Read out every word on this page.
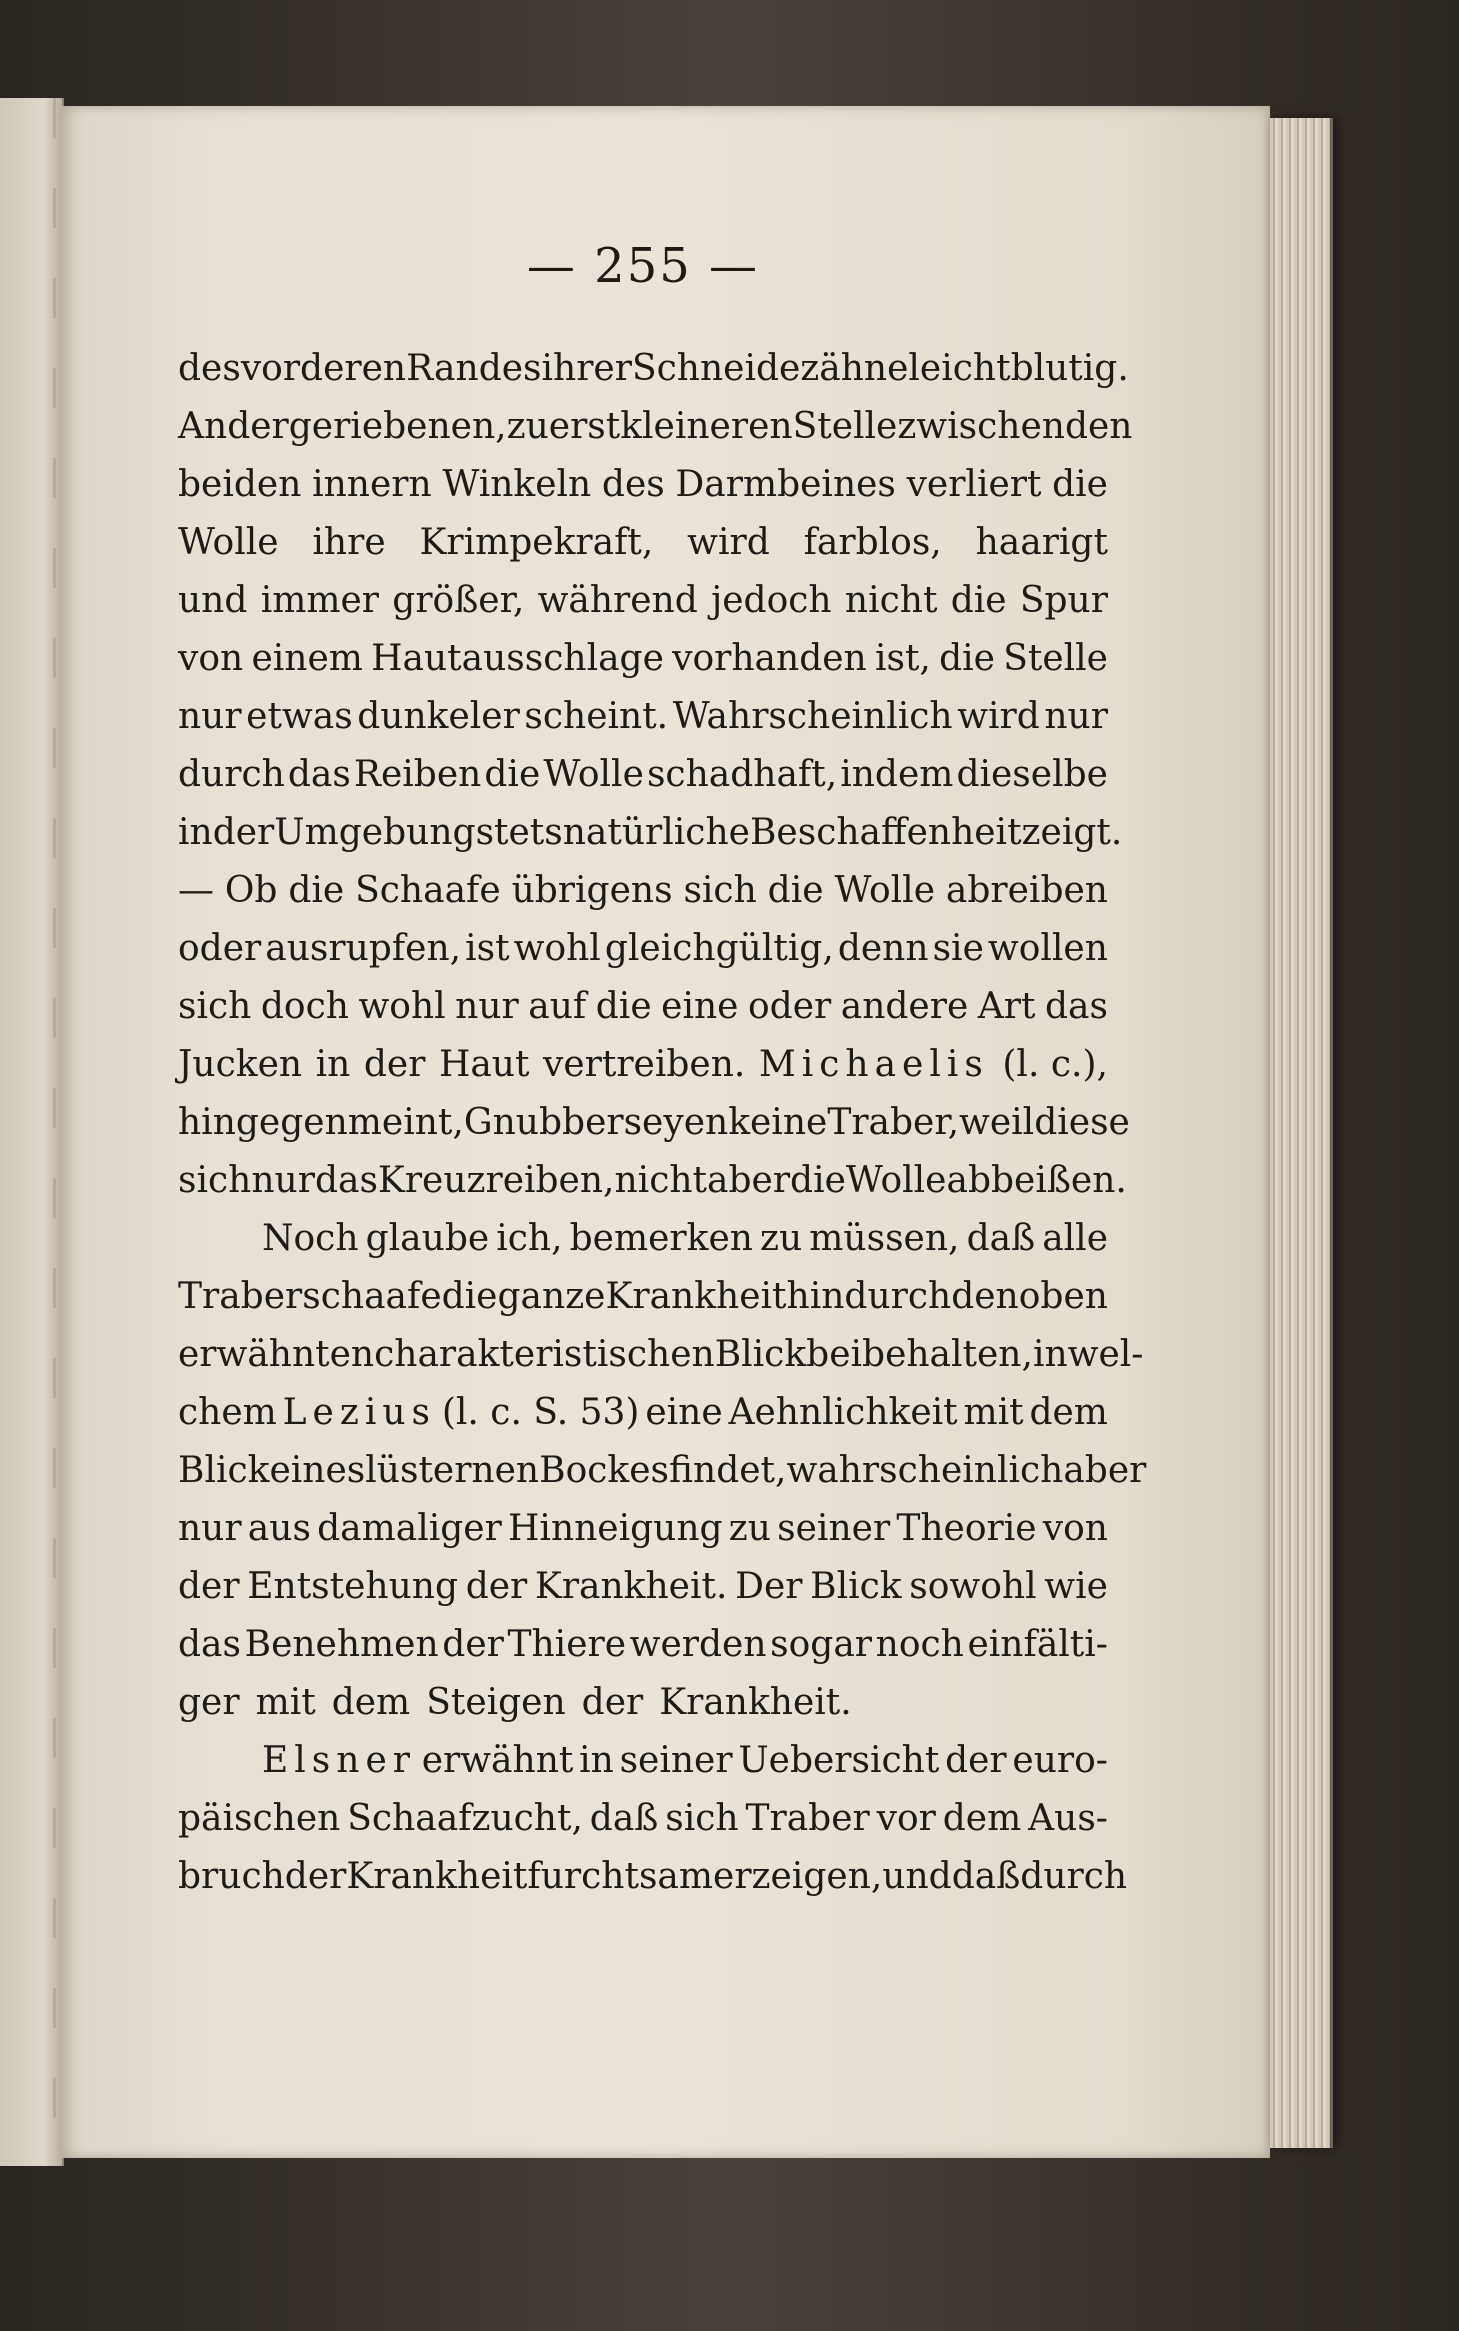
— 255 —
des vorderen Randes ihrer Schneidezähne leicht blutig.
An der geriebenen, zuerst kleineren Stelle zwischen den
beiden innern Winkeln des Darmbeines verliert die
Wolle ihre Krimpekraft, wird farblos, haarigt
und immer größer, während jedoch nicht die Spur
von einem Hautausschlage vorhanden ist, die Stelle
nur etwas dunkeler scheint. Wahrscheinlich wird nur
durch das Reiben die Wolle schadhaft, indem dieselbe
in der Umgebung stets natürliche Beschaffenheit zeigt.
— Ob die Schaafe übrigens sich die Wolle abreiben
oder ausrupfen, ist wohl gleichgültig, denn sie wollen
sich doch wohl nur auf die eine oder andere Art das
Jucken in der Haut vertreiben. Michaelis (l. c.),
hingegen meint, Gnubber seyen keine Traber, weil diese
sich nur das Kreuz reiben, nicht aber die Wolle abbeißen.
Noch glaube ich, bemerken zu müssen, daß alle
Traberschaafe die ganze Krankheit hindurch den oben
erwähnten charakteristischen Blick beibehalten, in wel-
chem Lezius (l. c. S. 53) eine Aehnlichkeit mit dem
Blick eines lüsternen Bockes findet, wahrscheinlich aber
nur aus damaliger Hinneigung zu seiner Theorie von
der Entstehung der Krankheit. Der Blick sowohl wie
das Benehmen der Thiere werden sogar noch einfälti-
ger mit dem Steigen der Krankheit.
Elsner erwähnt in seiner Uebersicht der euro-
päischen Schaafzucht, daß sich Traber vor dem Aus-
bruch der Krankheit furchtsamer zeigen, und daß durch
